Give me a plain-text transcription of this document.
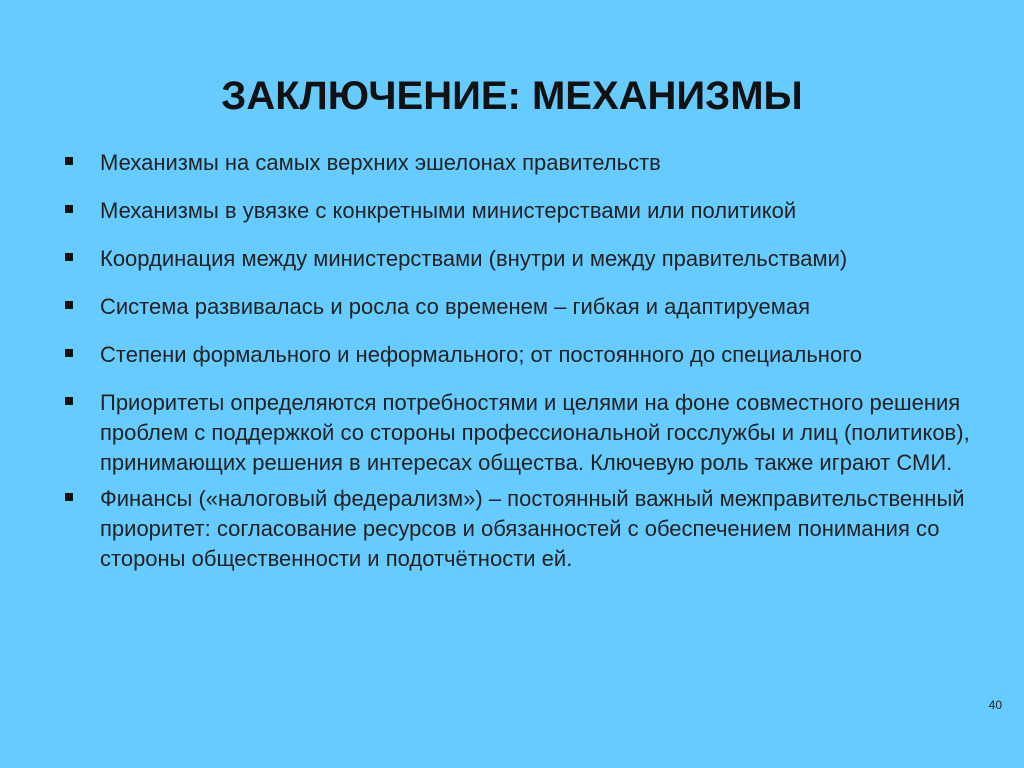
ЗАКЛЮЧЕНИЕ: МЕХАНИЗМЫ
Механизмы на самых верхних эшелонах правительств
Механизмы в увязке с конкретными министерствами или политикой
Координация между министерствами (внутри и между правительствами)
Система развивалась и росла со временем – гибкая и адаптируемая
Степени формального и неформального; от постоянного до специального
Приоритеты определяются потребностями и целями на фоне совместного решения проблем с поддержкой со стороны профессиональной госслужбы и лиц (политиков), принимающих решения в интересах общества. Ключевую роль также играют СМИ.
Финансы («налоговый федерализм») – постоянный важный межправительственный приоритет: согласование ресурсов и обязанностей с обеспечением понимания со стороны общественности и подотчётности ей.
40
